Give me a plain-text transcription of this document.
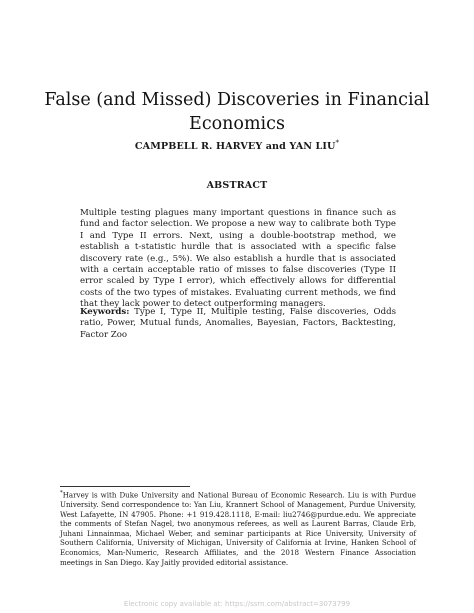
False (and Missed) Discoveries in Financial Economics
CAMPBELL R. HARVEY and YAN LIU*
ABSTRACT

Multiple testing plagues many important questions in finance such as fund and factor selection. We propose a new way to calibrate both Type I and Type II errors. Next, using a double-bootstrap method, we establish a t-statistic hurdle that is associated with a specific false discovery rate (e.g., 5%). We also establish a hurdle that is associated with a certain acceptable ratio of misses to false discoveries (Type II error scaled by Type I error), which effectively allows for differential costs of the two types of mistakes. Evaluating current methods, we find that they lack power to detect outperforming managers.

Keywords: Type I, Type II, Multiple testing, False discoveries, Odds ratio, Power, Mutual funds, Anomalies, Bayesian, Factors, Backtesting, Factor Zoo

*Harvey is with Duke University and National Bureau of Economic Research. Liu is with Purdue University. Send correspondence to: Yan Liu, Krannert School of Management, Purdue University, West Lafayette, IN 47905. Phone: +1 919.428.1118, E-mail: liu2746@purdue.edu. We appreciate the comments of Stefan Nagel, two anonymous referees, as well as Laurent Barras, Claude Erb, Juhani Linnainmaa, Michael Weber, and seminar participants at Rice University, University of Southern California, University of Michigan, University of California at Irvine, Hanken School of Economics, Man-Numeric, Research Affiliates, and the 2018 Western Finance Association meetings in San Diego. Kay Jaitly provided editorial assistance.

Electronic copy available at: https://ssrn.com/abstract=3073799
